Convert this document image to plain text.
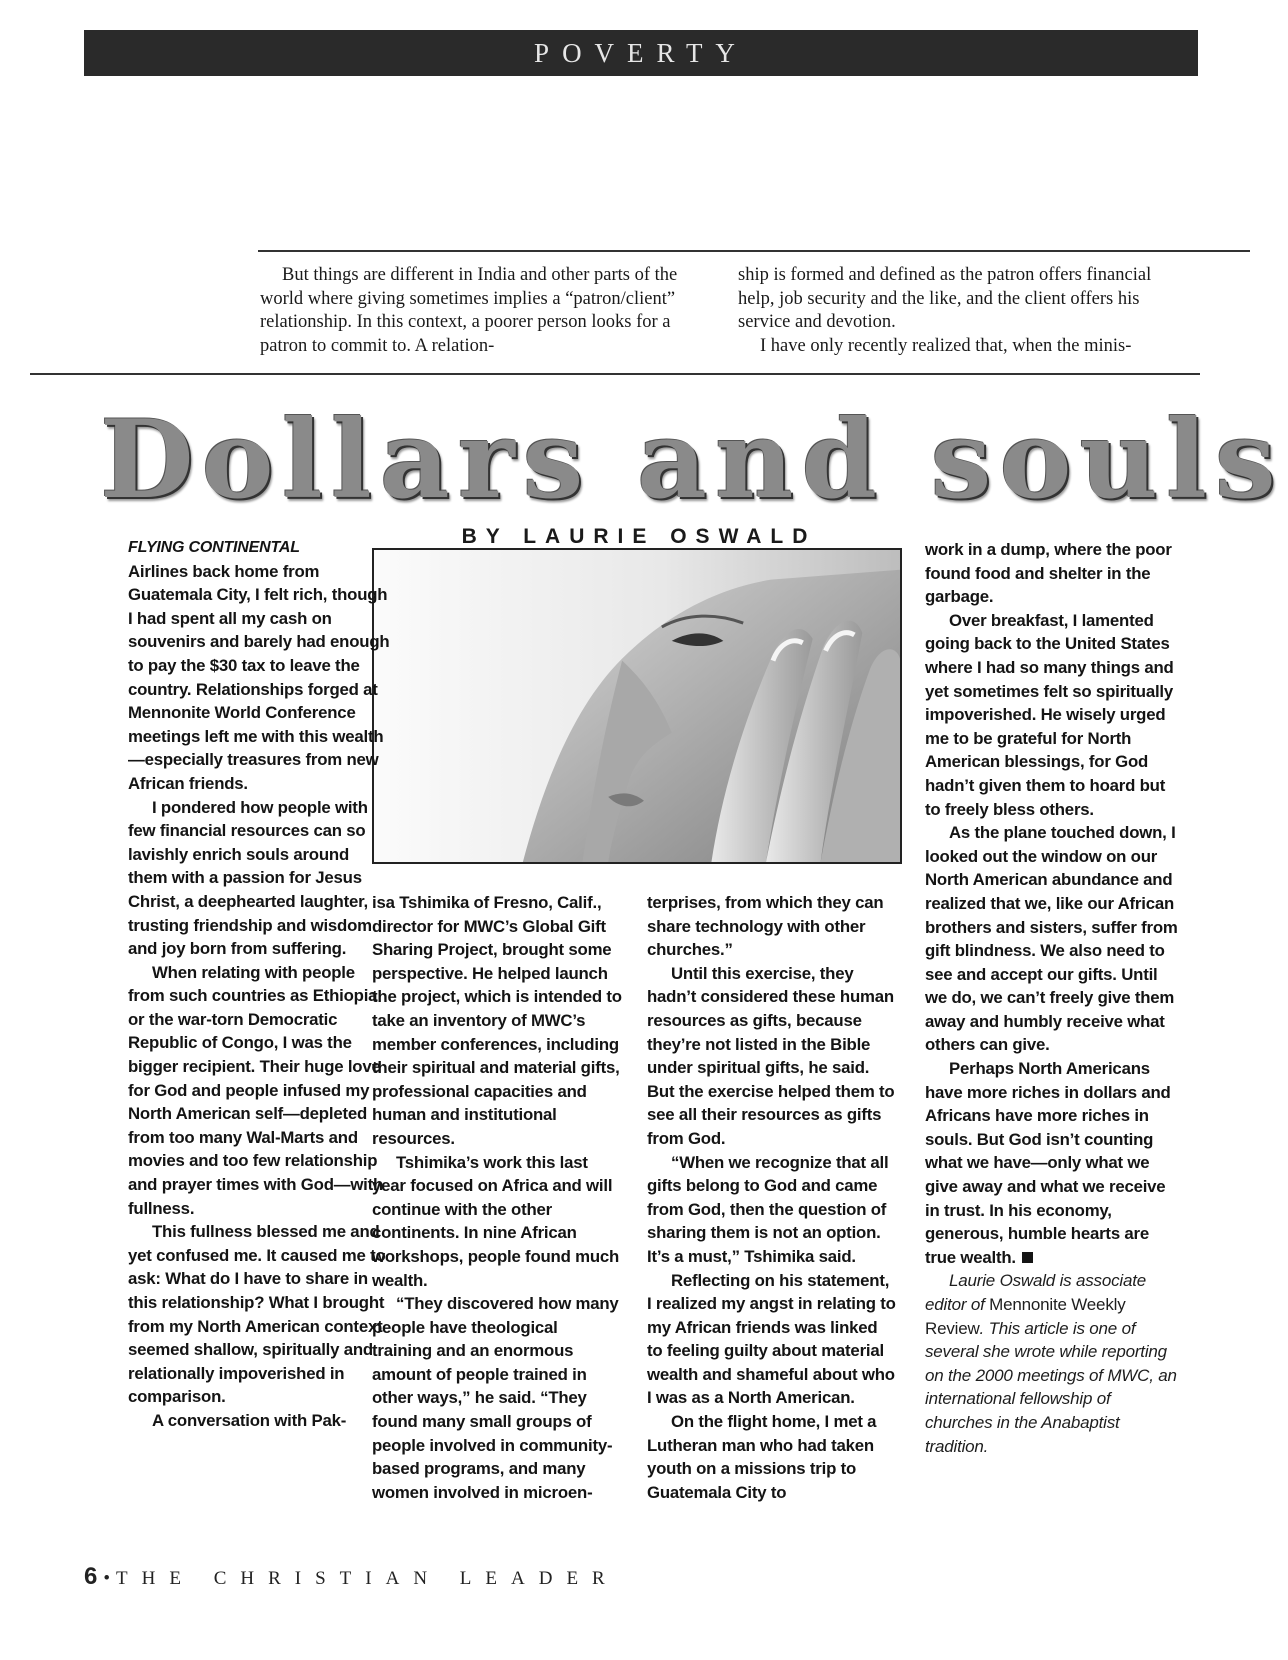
POVERTY

But things are different in India and other parts of the world where giving sometimes implies a “patron/client” relationship. In this context, a poorer person looks for a patron to commit to. A relation-

ship is formed and defined as the patron offers financial help, job security and the like, and the client offers his service and devotion.

I have only recently realized that, when the minis-

Dollars and souls
BY LAURIE OSWALD

FLYING CONTINENTAL
Airlines back home from Guatemala City, I felt rich, though I had spent all my cash on souvenirs and barely had enough to pay the $30 tax to leave the country. Relationships forged at Mennonite World Conference meetings left me with this wealth—especially treasures from new African friends.

I pondered how people with few financial resources can so lavishly enrich souls around them with a passion for Jesus Christ, a deephearted laughter, trusting friendship and wisdom and joy born from suffering.

When relating with people from such countries as Ethiopia or the war-torn Democratic Republic of Congo, I was the bigger recipient. Their huge love for God and people infused my North American self—depleted from too many Wal-Marts and movies and too few relationship and prayer times with God—with fullness.

This fullness blessed me and yet confused me. It caused me to ask: What do I have to share in this relationship? What I brought from my North American context seemed shallow, spiritually and relationally impoverished in comparison.

A conversation with Pak-

isa Tshimika of Fresno, Calif., director for MWC’s Global Gift Sharing Project, brought some perspective. He helped launch the project, which is intended to take an inventory of MWC’s member conferences, including their spiritual and material gifts, professional capacities and human and institutional resources.

Tshimika’s work this last year focused on Africa and will continue with the other continents. In nine African workshops, people found much wealth.

“They discovered how many people have theological training and an enormous amount of people trained in other ways,” he said. “They found many small groups of people involved in community-based programs, and many women involved in microen-

terprises, from which they can share technology with other churches.”

Until this exercise, they hadn’t considered these human resources as gifts, because they’re not listed in the Bible under spiritual gifts, he said. But the exercise helped them to see all their resources as gifts from God.

“When we recognize that all gifts belong to God and came from God, then the question of sharing them is not an option. It’s a must,” Tshimika said.

Reflecting on his statement, I realized my angst in relating to my African friends was linked to feeling guilty about material wealth and shameful about who I was as a North American.

On the flight home, I met a Lutheran man who had taken youth on a missions trip to Guatemala City to

work in a dump, where the poor found food and shelter in the garbage.

Over breakfast, I lamented going back to the United States where I had so many things and yet sometimes felt so spiritually impoverished. He wisely urged me to be grateful for North American blessings, for God hadn’t given them to hoard but to freely bless others.

As the plane touched down, I looked out the window on our North American abundance and realized that we, like our African brothers and sisters, suffer from gift blindness. We also need to see and accept our gifts. Until we do, we can’t freely give them away and humbly receive what others can give.

Perhaps North Americans have more riches in dollars and Africans have more riches in souls. But God isn’t counting what we have—only what we give away and what we receive in trust. In his economy, generous, humble hearts are true wealth.

Laurie Oswald is associate editor of Mennonite Weekly Review. This article is one of several she wrote while reporting on the 2000 meetings of MWC, an international fellowship of churches in the Anabaptist tradition.

6 • THE CHRISTIAN LEADER
